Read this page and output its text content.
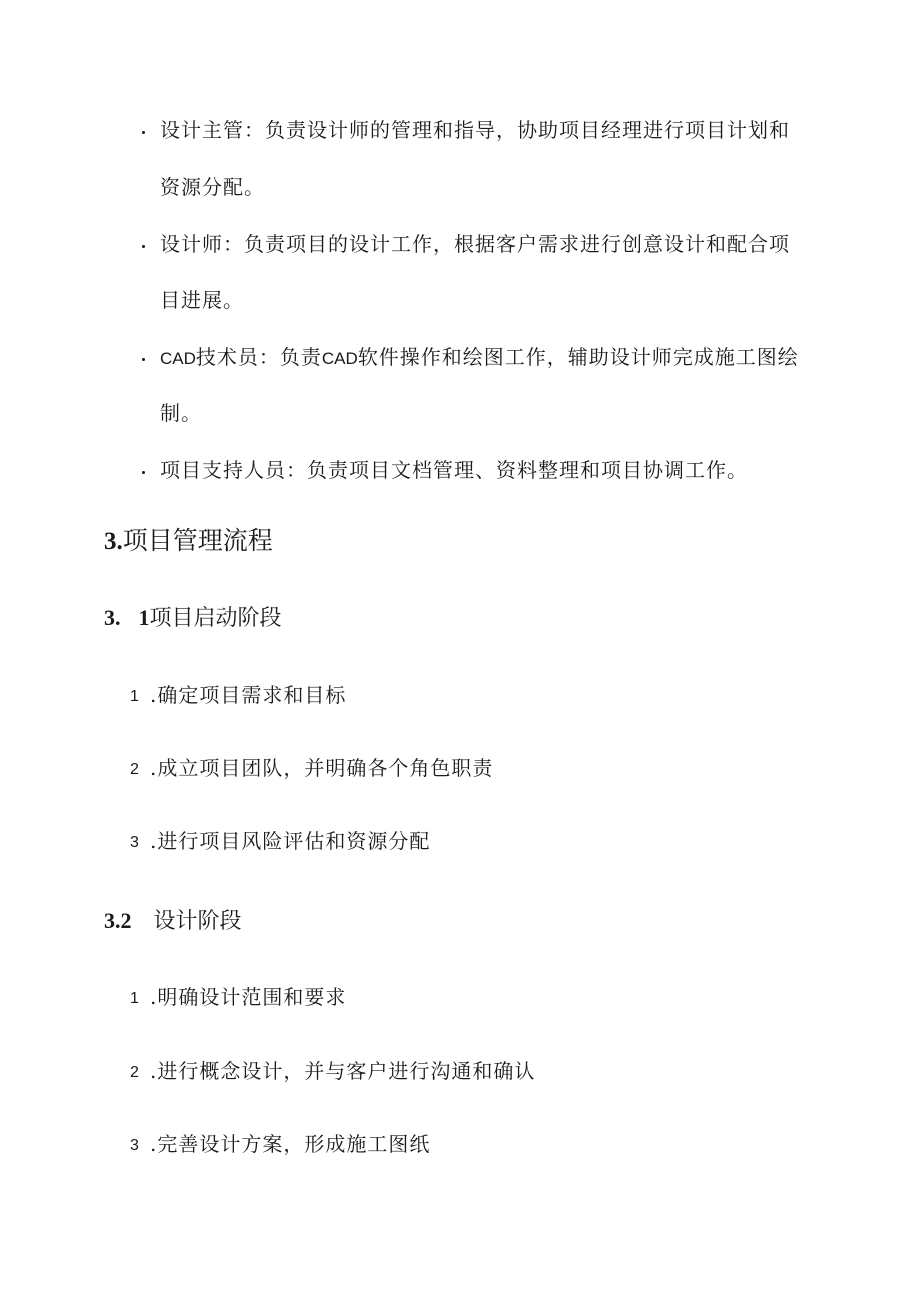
设计主管：负责设计师的管理和指导，协助项目经理进行项目计划和
资源分配。
设计师：负责项目的设计工作，根据客户需求进行创意设计和配合项
目进展。
CAD技术员：负责CAD软件操作和绘图工作，辅助设计师完成施工图绘
制。
项目支持人员：负责项目文档管理、资料整理和项目协调工作。
3.项目管理流程
3. 1项目启动阶段
1 .确定项目需求和目标
2 .成立项目团队，并明确各个角色职责
3 .进行项目风险评估和资源分配
3.2 设计阶段
1 .明确设计范围和要求
2 .进行概念设计，并与客户进行沟通和确认
3 .完善设计方案，形成施工图纸
